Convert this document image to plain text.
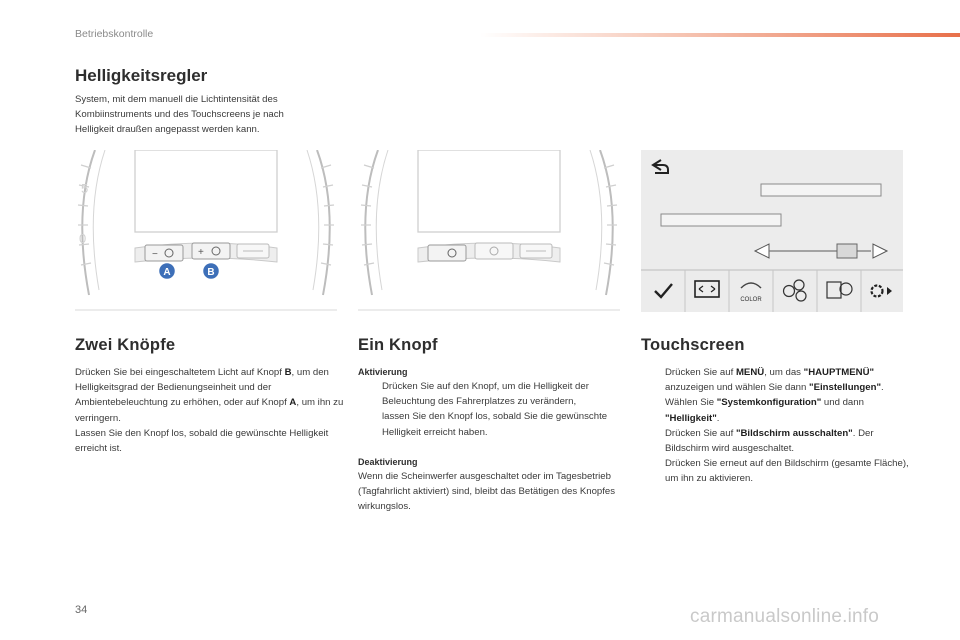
Betriebskontrolle
Helligkeitsregler
System, mit dem manuell die Lichtintensität des Kombiinstruments und des Touchscreens je nach Helligkeit draußen angepasst werden kann.
5
0
−	+
A	B
COLOR
Zwei Knöpfe

Drücken Sie bei eingeschaltetem Licht auf Knopf B, um den Helligkeitsgrad der Bedienungseinheit und der Ambientebeleuchtung zu erhöhen, oder auf Knopf A, um ihn zu verringern.
Lassen Sie den Knopf los, sobald die gewünschte Helligkeit erreicht ist.

Ein Knopf
Aktivierung
Drücken Sie auf den Knopf, um die Helligkeit der Beleuchtung des Fahrerplatzes zu verändern,
lassen Sie den Knopf los, sobald Sie die gewünschte Helligkeit erreicht haben.
Deaktivierung

Wenn die Scheinwerfer ausgeschaltet oder im Tagesbetrieb (Tagfahrlicht aktiviert) sind, bleibt das Betätigen des Knopfes wirkungslos.

Touchscreen
Drücken Sie auf MENÜ, um das "HAUPTMENÜ" anzuzeigen und wählen Sie dann "Einstellungen".
Wählen Sie "Systemkonfiguration" und dann "Helligkeit".
Drücken Sie auf "Bildschirm ausschalten". Der Bildschirm wird ausgeschaltet.
Drücken Sie erneut auf den Bildschirm (gesamte Fläche), um ihn zu aktivieren.
34	carmanualsonline.info
